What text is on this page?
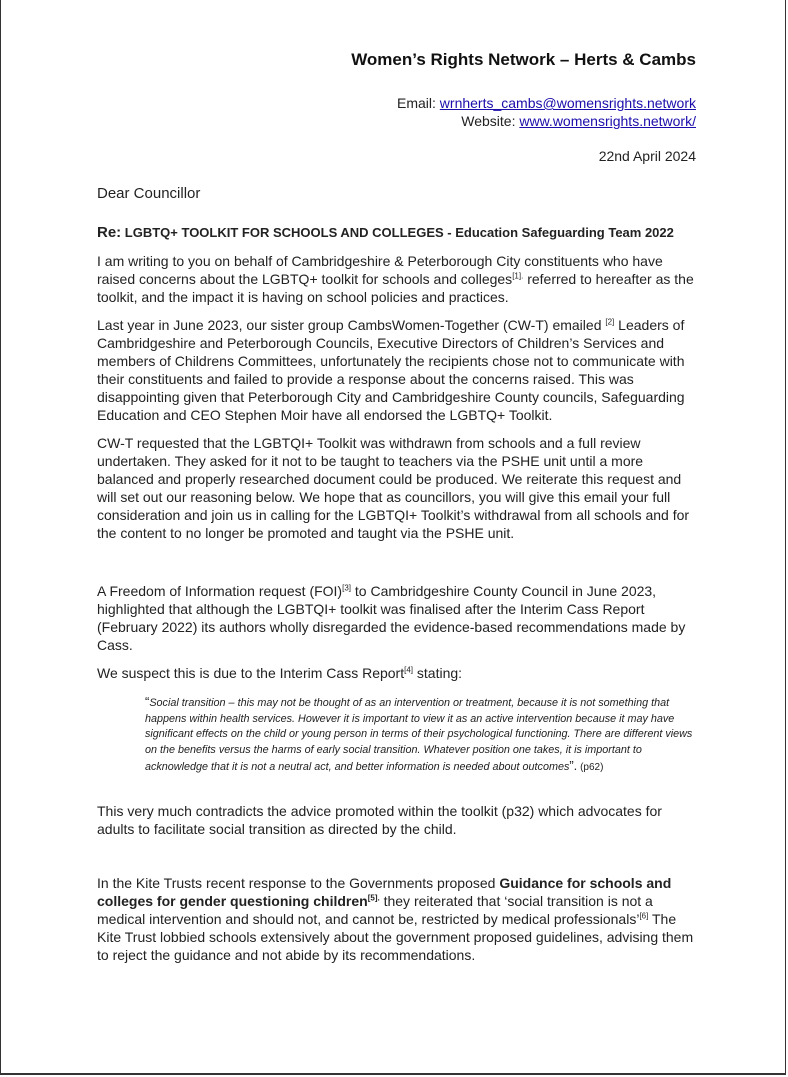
Women’s Rights Network – Herts & Cambs
Email: wrnherts_cambs@womensrights.network
Website: www.womensrights.network/
22nd April 2024
Dear Councillor
Re: LGBTQ+ TOOLKIT FOR SCHOOLS AND COLLEGES - Education Safeguarding Team 2022

I am writing to you on behalf of Cambridgeshire & Peterborough City constituents who have raised concerns about the LGBTQ+ toolkit for schools and colleges$^{[1].}$ referred to hereafter as the toolkit, and the impact it is having on school policies and practices.

Last year in June 2023, our sister group CambsWomen-Together (CW-T) emailed [2] Leaders of Cambridgeshire and Peterborough Councils, Executive Directors of Children’s Services and members of Childrens Committees, unfortunately the recipients chose not to communicate with their constituents and failed to provide a response about the concerns raised. This was disappointing given that Peterborough City and Cambridgeshire County councils, Safeguarding Education and CEO Stephen Moir have all endorsed the LGBTQ+ Toolkit.

CW-T requested that the LGBTQI+ Toolkit was withdrawn from schools and a full review undertaken. They asked for it not to be taught to teachers via the PSHE unit until a more balanced and properly researched document could be produced. We reiterate this request and will set out our reasoning below. We hope that as councillors, you will give this email your full consideration and join us in calling for the LGBTQI+ Toolkit’s withdrawal from all schools and for the content to no longer be promoted and taught via the PSHE unit.

A Freedom of Information request (FOI)[3] to Cambridgeshire County Council in June 2023, highlighted that although the LGBTQI+ toolkit was finalised after the Interim Cass Report (February 2022) its authors wholly disregarded the evidence-based recommendations made by Cass.

We suspect this is due to the Interim Cass Report[4] stating:

“Social transition – this may not be thought of as an intervention or treatment, because it is not something that happens within health services. However it is important to view it as an active intervention because it may have significant effects on the child or young person in terms of their psychological functioning. There are different views on the benefits versus the harms of early social transition. Whatever position one takes, it is important to acknowledge that it is not a neutral act, and better information is needed about outcomes”. (p62)

This very much contradicts the advice promoted within the toolkit (p32) which advocates for adults to facilitate social transition as directed by the child.

In the Kite Trusts recent response to the Governments proposed Guidance for schools and colleges for gender questioning children$^{[5].}$ they reiterated that ‘social transition is not a medical intervention and should not, and cannot be, restricted by medical professionals’[6] The Kite Trust lobbied schools extensively about the government proposed guidelines, advising them to reject the guidance and not abide by its recommendations.
